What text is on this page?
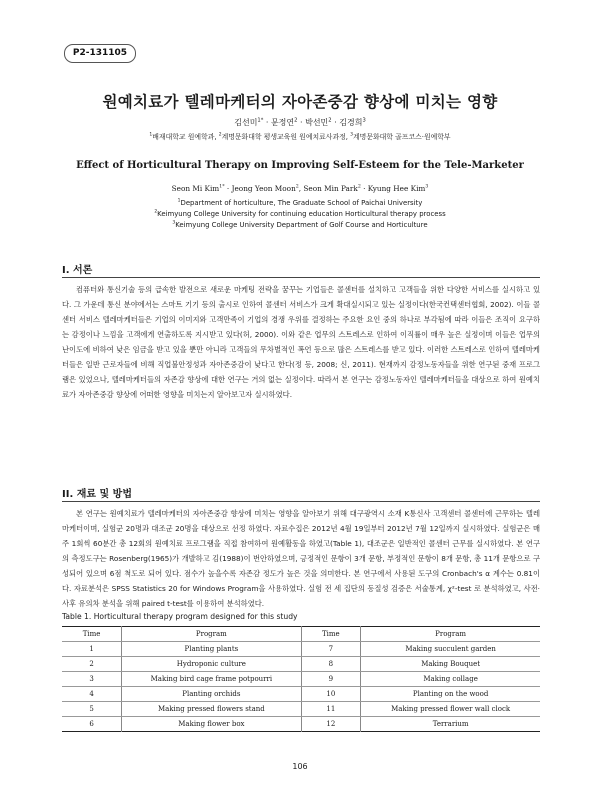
P2-131105
원예치료가 텔레마케터의 자아존중감 향상에 미치는 영향
김선미$^{1*}$ · 문정연$^2$ · 박선민$^2$ · 김경희$^3$
$^1$배재대학교 원예학과, $^2$계명문화대학 평생교육원 원예치료사과정, $^3$계명문화대학 골프코스·원예학부
Effect of Horticultural Therapy on Improving Self-Esteem for the Tele-Marketer
Seon Mi Kim$^{1*}$ · Jeong Yeon Moon$^2$, Seon Min Park$^2$ · Kyung Hee Kim$^3$
$^1$Department of horticulture, The Graduate School of Paichai University
$^2$Keimyung College University for continuing education Horticultural therapy process
$^3$Keimyung College University Department of Golf Course and Horticulture
I. 서론
컴퓨터와 통신기술 등의 급속한 발전으로 새로운 마케팅 전략을 꿈꾸는 기업들은 콜센터를 설치하고 고객들을 위한 다양한 서비스를 실시하고 있다. 그 가운데 통신 분야에서는 스마트 기기 등의 출시로 인하여 콜센터 서비스가 크게 확대실시되고 있는 실정이다(한국컨택센터협회, 2002). 이들 콜센터 서비스 텔레마케터들은 기업의 이미지와 고객만족이 기업의 경쟁 우위를 결정하는 주요한 요인 중의 하나로 부각됨에 따라 이들은 조직이 요구하는 감정이나 느낌을 고객에게 연출하도록 지시받고 있다(허, 2000). 이와 같은 업무의 스트레스로 인하여 이직률이 매우 높은 실정이며 이들은 업무의 난이도에 비하여 낮은 임금을 받고 있을 뿐만 아니라 고객들의 무차별적인 폭언 등으로 많은 스트레스를 받고 있다. 이러한 스트레스로 인하여 텔레마케터들은 일반 근로자들에 비해 직업불안정성과 자아존중감이 낮다고 한다(정 등, 2008; 신, 2011). 현재까지 감정노동자들을 위한 연구된 중재 프로그램은 있었으나, 텔레마케터들의 자존감 향상에 대한 연구는 거의 없는 실정이다. 따라서 본 연구는 감정노동자인 텔레마케터들을 대상으로 하여 원예치료가 자아존중감 향상에 어떠한 영향을 미치는지 알아보고자 실시하였다.
II. 재료 및 방법
본 연구는 원예치료가 텔레마케터의 자아존중감 향상에 미치는 영향을 알아보기 위해 대구광역시 소재 K통신사 고객센터 콜센터에 근무하는 텔레마케터이며, 실험군 20명과 대조군 20명을 대상으로 선정 하였다. 자료수집은 2012년 4월 19일부터 2012년 7월 12일까지 실시하였다. 실험군은 매주 1회씩 60분간 총 12회의 원예치료 프로그램을 직접 참여하여 원예활동을 하였고(Table 1), 대조군은 일반적인 콜센터 근무를 실시하였다. 본 연구의 측정도구는 Rosenberg(1965)가 개발하고 김(1988)이 번안하였으며, 긍정적인 문항이 3개 문항, 부정적인 문항이 8개 문항, 총 11개 문항으로 구성되어 있으며 6점 척도로 되어 있다. 점수가 높을수록 자존감 정도가 높은 것을 의미한다. 본 연구에서 사용된 도구의 Cronbach's α 계수는 0.81이다. 자료분석은 SPSS Statistics 20 for Windows Program을 사용하였다. 실험 전 세 집단의 동질성 검증은 서술통계, χ²-test 로 분석하였고, 사전·사후 유의차 분석을 위해 paired t-test를 이용하여 분석하였다.
Table 1. Horticultural therapy program designed for this study
Time	Program	Time	Program
1	Planting plants	7	Making succulent garden
2	Hydroponic culture	8	Making Bouquet
3	Making bird cage frame potpourri	9	Making collage
4	Planting orchids	10	Planting on the wood
5	Making pressed flowers stand	11	Making pressed flower wall clock
6	Making flower box	12	Terrarium
106
